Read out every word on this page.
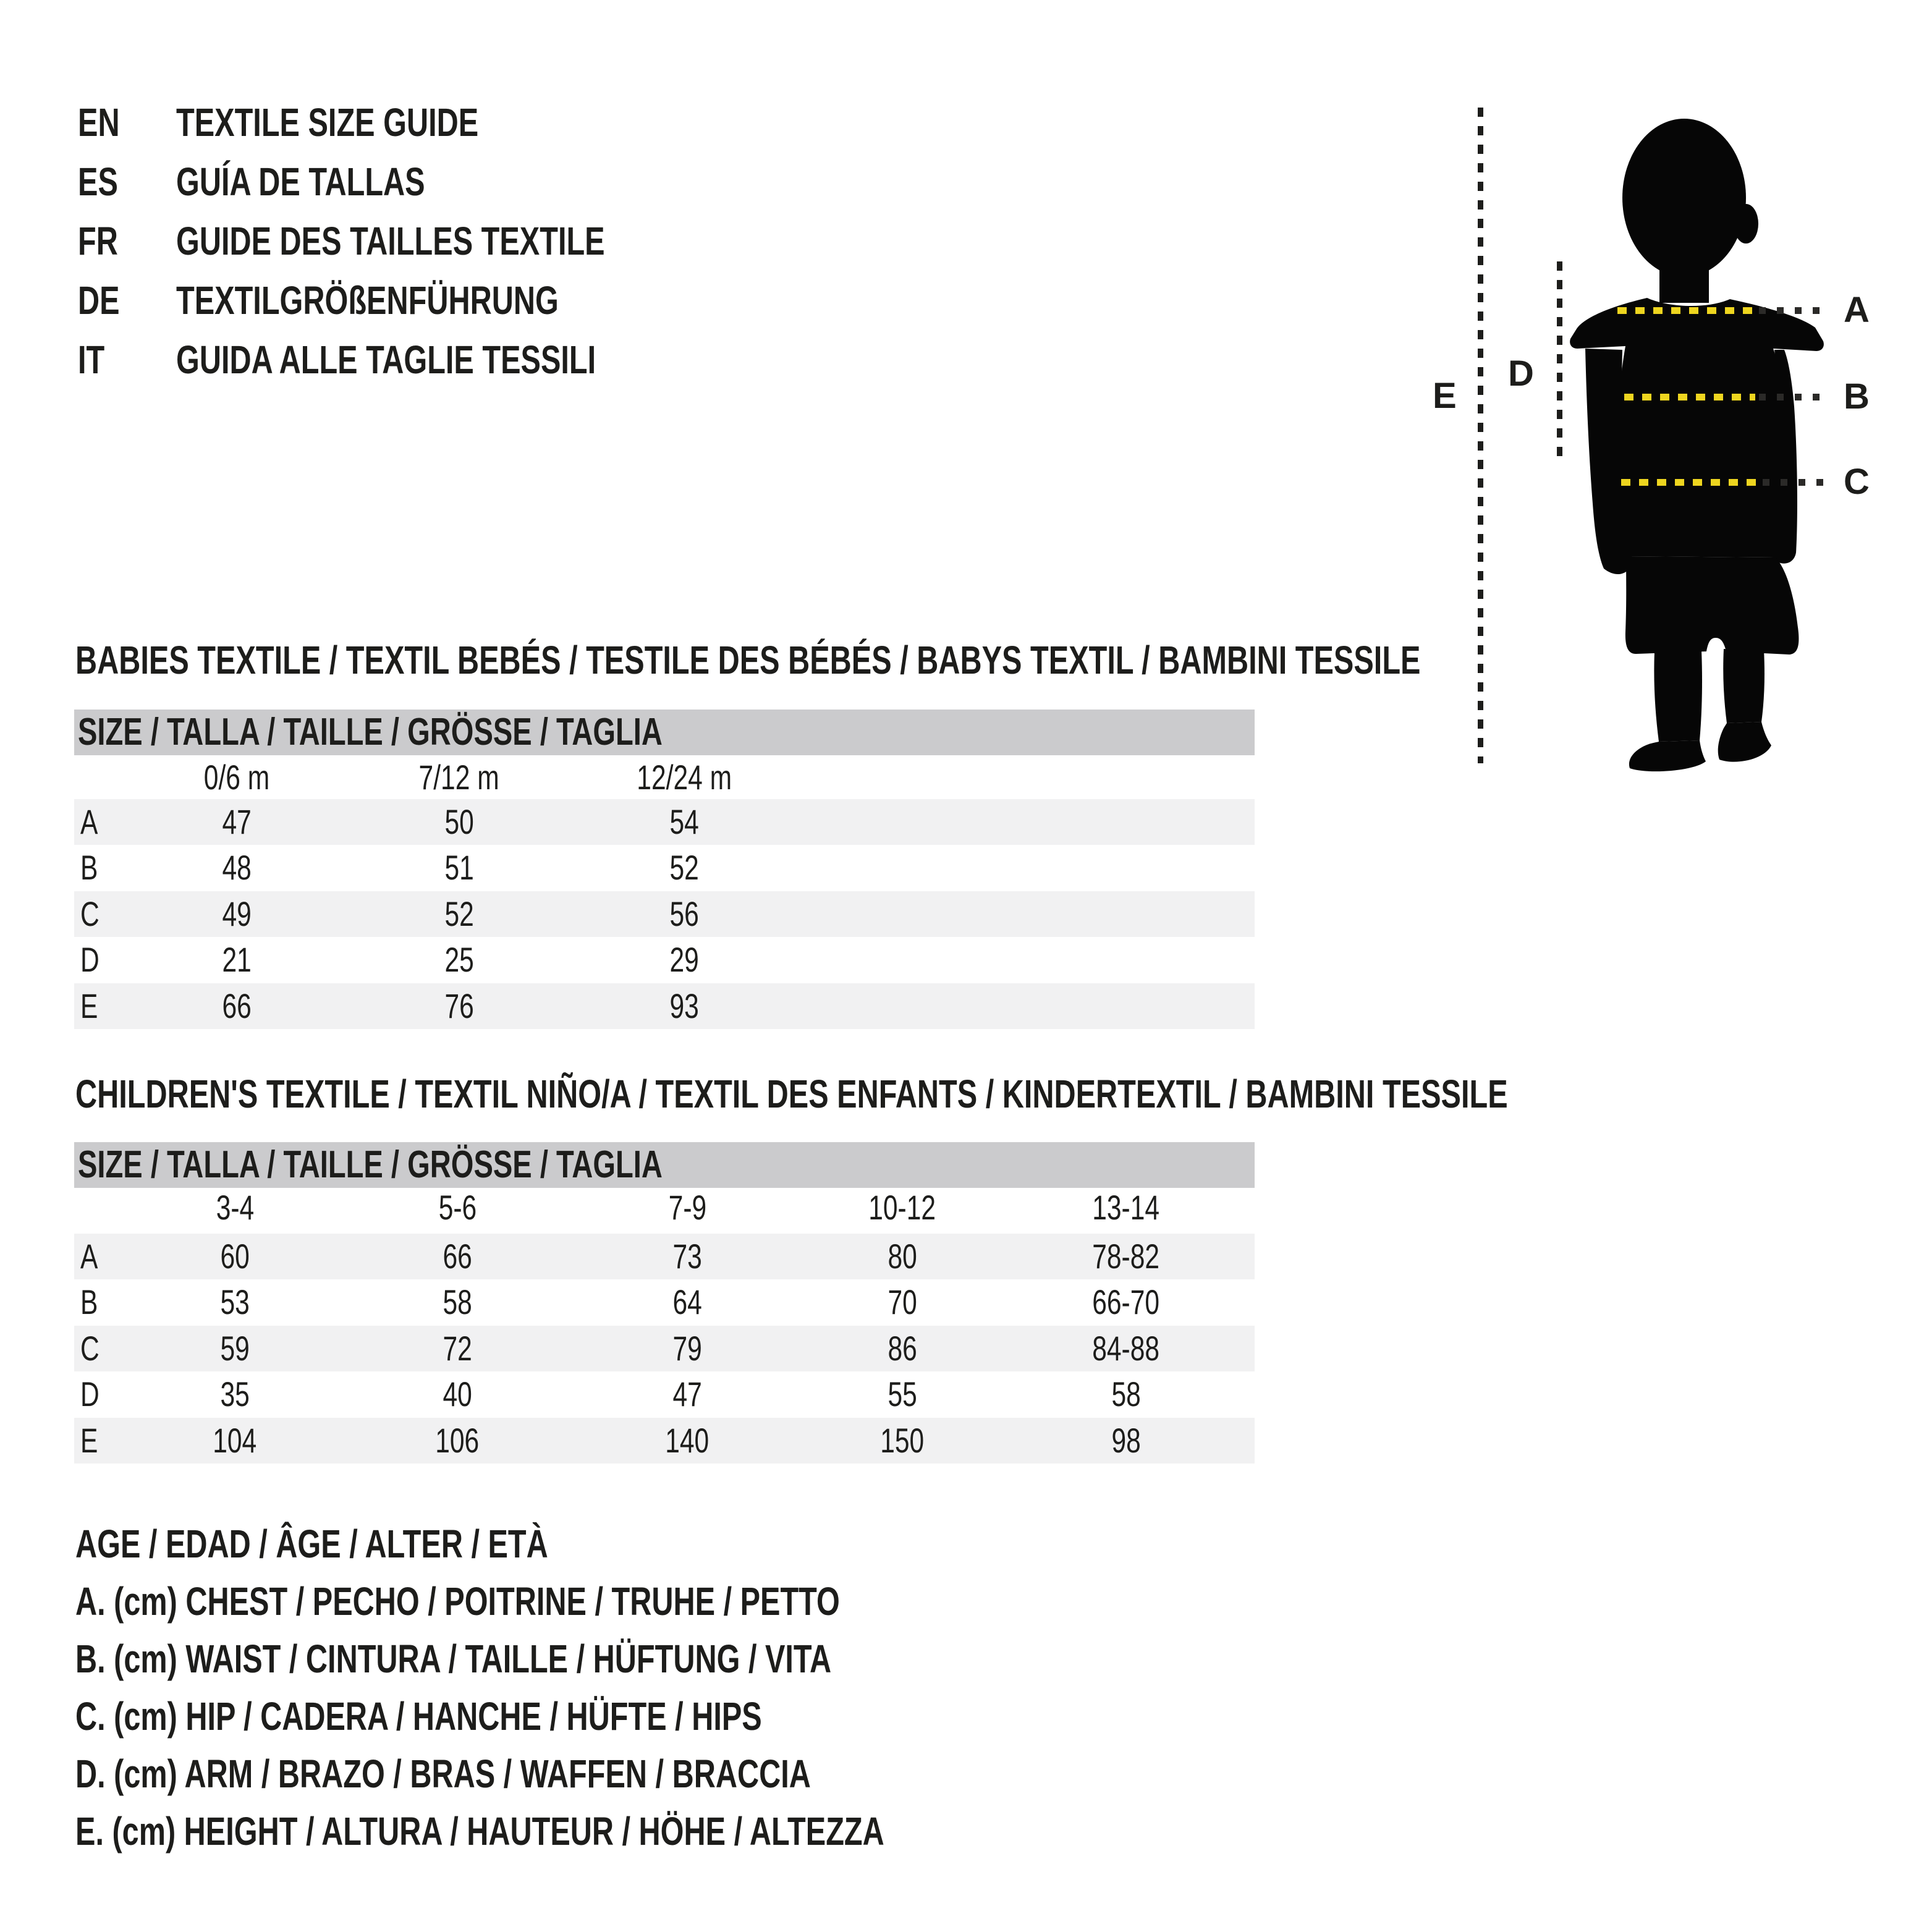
EN	TEXTILE SIZE GUIDE
ES	GUÍA DE TALLAS
FR	GUIDE DES TAILLES TEXTILE
DE	TEXTILGRÖßENFÜHRUNG
IT GUIDA ALLE TAGLIE TESSILI
E
D
A
B
C
BABIES TEXTILE / TEXTIL BEBÉS / TESTILE DES BÉBÉS / BABYS TEXTIL / BAMBINI TESSILE
SIZE / TALLA / TAILLE / GRÖSSE / TAGLIA
0/6 m	7/12 m	12/24 m
A	47	50	54
B	48	51	52
C	49	52	56
D	21	25	29
E	66	76	93
CHILDREN'S TEXTILE / TEXTIL NIÑO/A / TEXTIL DES ENFANTS / KINDERTEXTIL / BAMBINI TESSILE
SIZE / TALLA / TAILLE / GRÖSSE / TAGLIA
3-4	5-6	7-9	10-12	13-14
A	60	66	73	80	78-82
B	53	58	64	70	66-70
C	59	72	79	86	84-88
D	35	40	47	55	58
E	104	106	140	150	98
AGE / EDAD / ÂGE / ALTER / ETÀ
A. (cm) CHEST / PECHO / POITRINE / TRUHE / PETTO
B. (cm) WAIST / CINTURA / TAILLE / HÜFTUNG / VITA
C. (cm) HIP / CADERA / HANCHE / HÜFTE / HIPS
D. (cm) ARM / BRAZO / BRAS / WAFFEN / BRACCIA
E. (cm) HEIGHT / ALTURA / HAUTEUR / HÖHE / ALTEZZA
